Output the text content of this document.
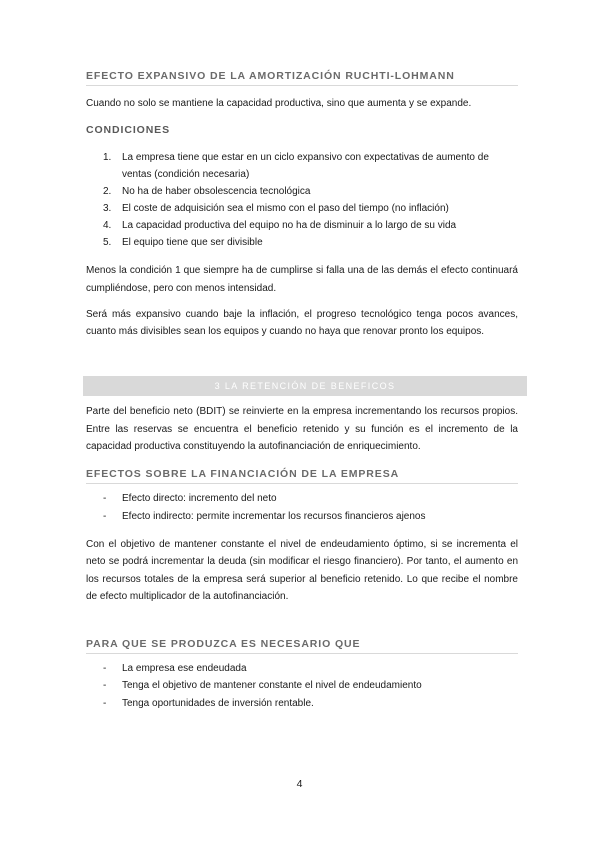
EFECTO EXPANSIVO DE LA AMORTIZACIÓN RUCHTI-LOHMANN

Cuando no solo se mantiene la capacidad productiva, sino que aumenta y se expande.

CONDICIONES
1. La empresa tiene que estar en un ciclo expansivo con expectativas de aumento de ventas (condición necesaria)
2. No ha de haber obsolescencia tecnológica
3. El coste de adquisición sea el mismo con el paso del tiempo (no inflación)
4. La capacidad productiva del equipo no ha de disminuir a lo largo de su vida
5. El equipo tiene que ser divisible

Menos la condición 1 que siempre ha de cumplirse si falla una de las demás el efecto continuará cumpliéndose, pero con menos intensidad.

Será más expansivo cuando baje la inflación, el progreso tecnológico tenga pocos avances, cuanto más divisibles sean los equipos y cuando no haya que renovar pronto los equipos.

3 LA RETENCIÓN DE BENEFICOS

Parte del beneficio neto (BDIT) se reinvierte en la empresa incrementando los recursos propios. Entre las reservas se encuentra el beneficio retenido y su función es el incremento de la capacidad productiva constituyendo la autofinanciación de enriquecimiento.

EFECTOS SOBRE LA FINANCIACIÓN DE LA EMPRESA
- Efecto directo: incremento del neto
- Efecto indirecto: permite incrementar los recursos financieros ajenos

Con el objetivo de mantener constante el nivel de endeudamiento óptimo, si se incrementa el neto se podrá incrementar la deuda (sin modificar el riesgo financiero). Por tanto, el aumento en los recursos totales de la empresa será superior al beneficio retenido. Lo que recibe el nombre de efecto multiplicador de la autofinanciación.

PARA QUE SE PRODUZCA ES NECESARIO QUE
- La empresa ese endeudada
- Tenga el objetivo de mantener constante el nivel de endeudamiento
- Tenga oportunidades de inversión rentable.
4
